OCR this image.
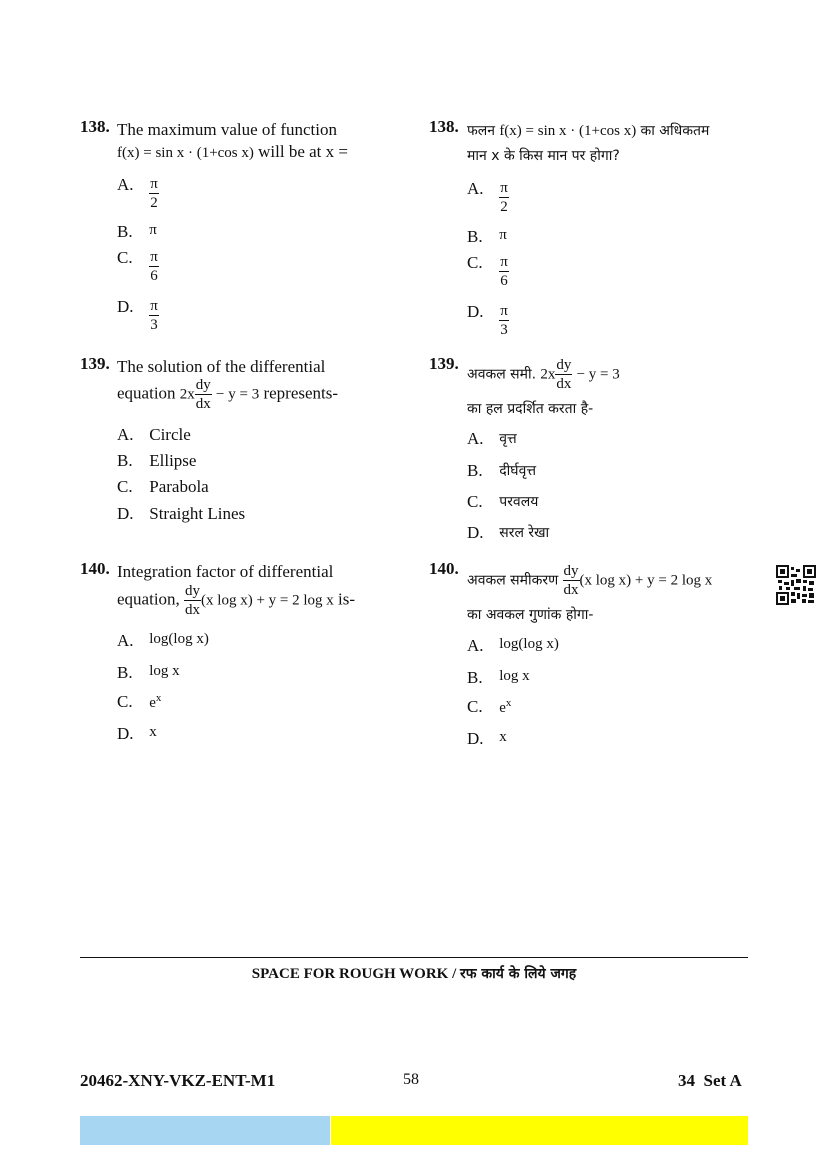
138. The maximum value of function
f(x) = sin x · (1+cos x) will be at x =
A. $\frac{\pi}{2}$
B. π
C. $\frac{\pi}{6}$
D. $\frac{\pi}{3}$
138. फलन f(x) = sin x · (1+cos x) का अधिकतम
मान x के किस मान पर होगा?
A. $\frac{\pi}{2}$
B. π
C. $\frac{\pi}{6}$
D. $\frac{\pi}{3}$
139. The solution of the differential
equation $2x \frac{dy}{dx} - y = 3$ represents-
A. Circle
B. Ellipse
C. Parabola
D. Straight Lines
139.
अवकल समी. $2x \frac{dy}{dx} - y = 3$
का हल प्रदर्शित करता है-
A. वृत्त
B. दीर्घवृत्त
C. परवलय
D. सरल रेखा
140. Integration factor of differential
equation, $\frac{dy}{dx} (x$ log x) + y = 2 log x is-
A. log(log x)
B. log x
C. $e^x$
D. x
140.
अवकल समीकरण $\frac{dy}{dx} (x$ log x) + y = 2 log x
का अवकल गुणांक होगा-
A. log(log x)
B. log x
C. $e^x$
D. x
SPACE FOR ROUGH WORK / रफ कार्य के लिये जगह
20462-XNY-VKZ-ENT-M1	58	34 Set A
